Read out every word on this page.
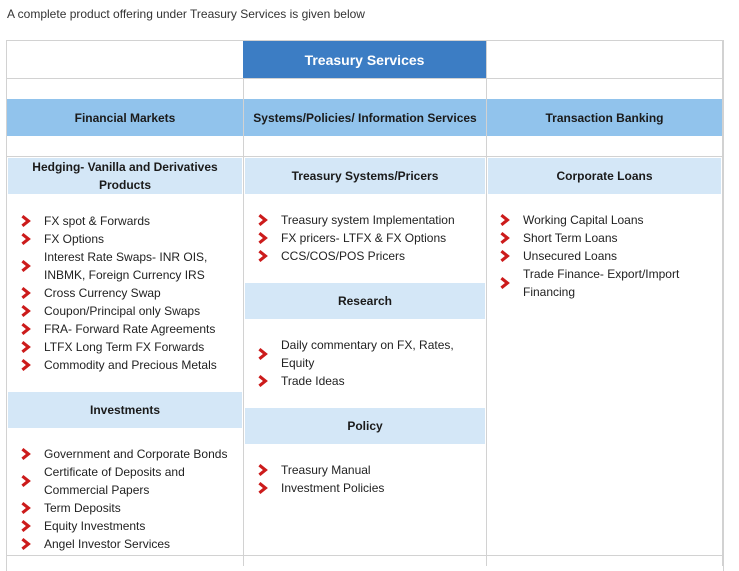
A complete product offering under Treasury Services is given below
Treasury Services
Financial Markets	Systems/Policies/ Information Services	Transaction Banking
Hedging- Vanilla and Derivatives Products
FX spot & Forwards
FX Options
Interest Rate Swaps- INR OIS, INBMK, Foreign Currency IRS
Cross Currency Swap
Coupon/Principal only Swaps
FRA- Forward Rate Agreements
LTFX Long Term FX Forwards
Commodity and Precious Metals
Investments
Government and Corporate Bonds
Certificate of Deposits and Commercial Papers
Term Deposits
Equity Investments
Angel Investor Services
Treasury Systems/Pricers
Treasury system Implementation
FX pricers- LTFX & FX Options
CCS/COS/POS Pricers
Research
Daily commentary on FX, Rates, Equity
Trade Ideas
Policy
Treasury Manual
Investment Policies
Corporate Loans
Working Capital Loans
Short Term Loans
Unsecured Loans
Trade Finance- Export/Import Financing
